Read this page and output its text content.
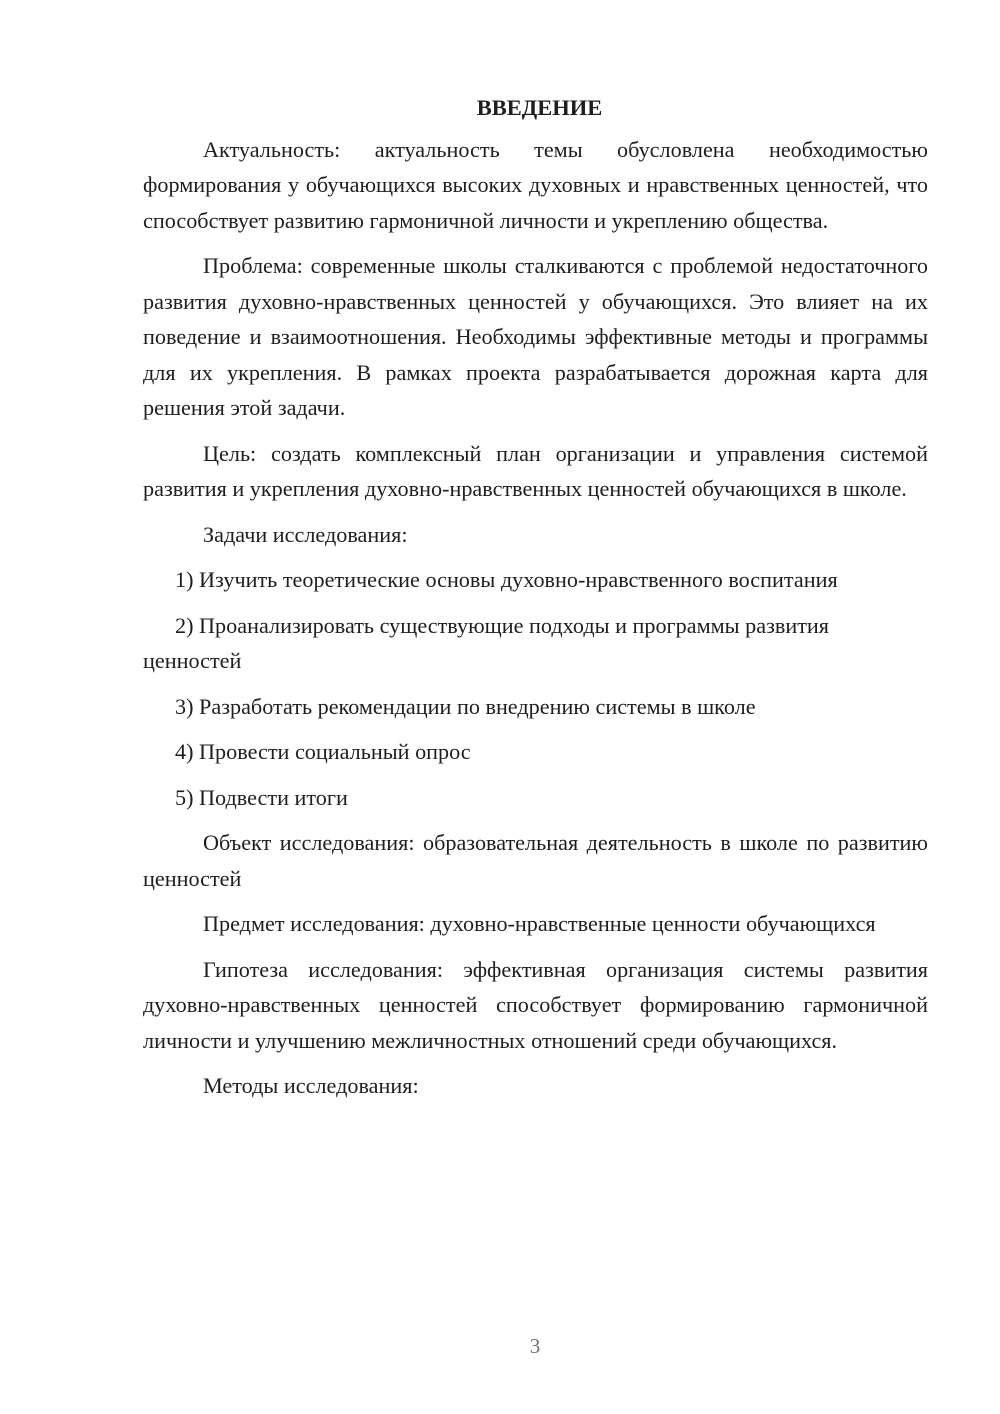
ВВЕДЕНИЕ

Актуальность: актуальность темы обусловлена необходимостью формирования у обучающихся высоких духовных и нравственных ценностей, что способствует развитию гармоничной личности и укреплению общества.

Проблема: современные школы сталкиваются с проблемой недостаточного развития духовно-нравственных ценностей у обучающихся. Это влияет на их поведение и взаимоотношения. Необходимы эффективные методы и программы для их укрепления. В рамках проекта разрабатывается дорожная карта для решения этой задачи.

Цель: создать комплексный план организации и управления системой развития и укрепления духовно-нравственных ценностей обучающихся в школе.

Задачи исследования:

1) Изучить теоретические основы духовно-нравственного воспитания

2) Проанализировать существующие подходы и программы развития ценностей

3) Разработать рекомендации по внедрению системы в школе

4) Провести социальный опрос

5) Подвести итоги

Объект исследования: образовательная деятельность в школе по развитию ценностей

Предмет исследования: духовно-нравственные ценности обучающихся

Гипотеза исследования: эффективная организация системы развития духовно-нравственных ценностей способствует формированию гармоничной личности и улучшению межличностных отношений среди обучающихся.

Методы исследования:

3
